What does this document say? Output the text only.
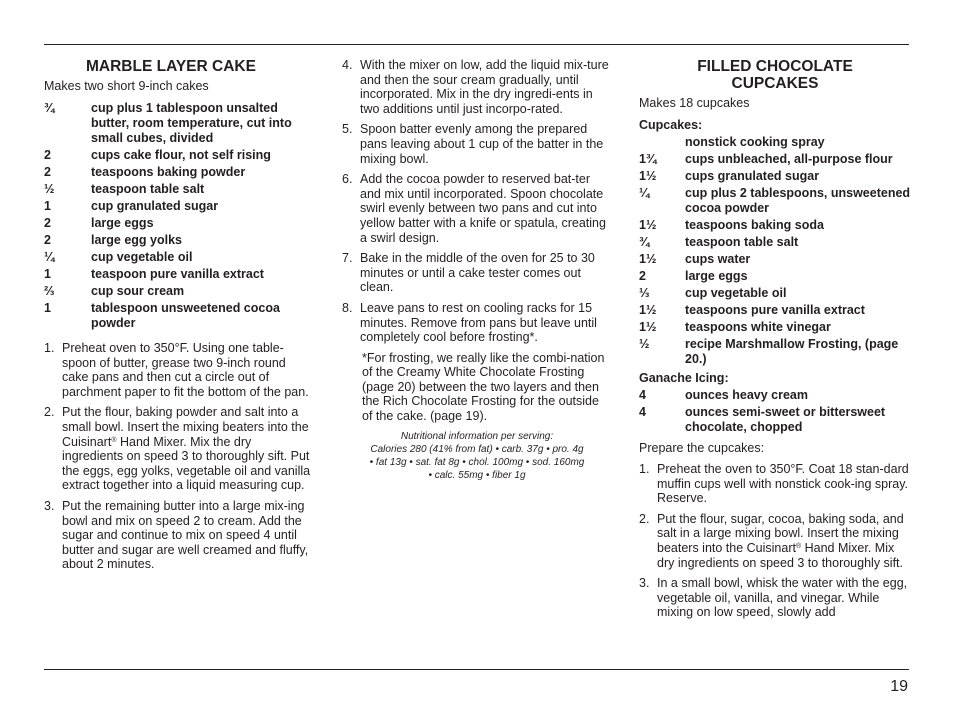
MARBLE LAYER CAKE
Makes two short 9-inch cakes
¾	cup plus 1 tablespoon unsalted butter, room temperature, cut into small cubes, divided
2	cups cake flour, not self rising
2	teaspoons baking powder
½	teaspoon table salt
1	cup granulated sugar
2	large eggs
2	large egg yolks
¼	cup vegetable oil
1	teaspoon pure vanilla extract
⅔	cup sour cream
1	tablespoon unsweetened cocoa powder
1. Preheat oven to 350°F. Using one table-spoon of butter, grease two 9-inch round cake pans and then cut a circle out of parchment paper to fit the bottom of the pan.
2. Put the flour, baking powder and salt into a small bowl. Insert the mixing beaters into the Cuisinart® Hand Mixer. Mix the dry ingredients on speed 3 to thoroughly sift. Put the eggs, egg yolks, vegetable oil and vanilla extract together into a liquid measuring cup.
3. Put the remaining butter into a large mix-ing bowl and mix on speed 2 to cream. Add the sugar and continue to mix on speed 4 until butter and sugar are well creamed and fluffy, about 2 minutes.
4. With the mixer on low, add the liquid mix-ture and then the sour cream gradually, until incorporated. Mix in the dry ingredi-ents in two additions until just incorpo-rated.
5. Spoon batter evenly among the prepared pans leaving about 1 cup of the batter in the mixing bowl.
6. Add the cocoa powder to reserved bat-ter and mix until incorporated. Spoon chocolate swirl evenly between two pans and cut into yellow batter with a knife or spatula, creating a swirl design.
7. Bake in the middle of the oven for 25 to 30 minutes or until a cake tester comes out clean.
8. Leave pans to rest on cooling racks for 15 minutes. Remove from pans but leave until completely cool before frosting*.
*For frosting, we really like the combi-nation of the Creamy White Chocolate Frosting (page 20) between the two layers and then the Rich Chocolate Frosting for the outside of the cake. (page 19).
Nutritional information per serving:
Calories 280 (41% from fat) • carb. 37g • pro. 4g
• fat 13g • sat. fat 8g • chol. 100mg • sod. 160mg
• calc. 55mg • fiber 1g
FILLED CHOCOLATE
CUPCAKES
Makes 18 cupcakes
Cupcakes:
nonstick cooking spray
1¾	cups unbleached, all-purpose flour
1½	cups granulated sugar
¼	cup plus 2 tablespoons, unsweetened cocoa powder
1½	teaspoons baking soda
¾	teaspoon table salt
1½	cups water
2	large eggs
⅓	cup vegetable oil
1½	teaspoons pure vanilla extract
1½	teaspoons white vinegar
½	recipe Marshmallow Frosting, (page 20.)
Ganache Icing:
4	ounces heavy cream
4	ounces semi-sweet or bittersweet chocolate, chopped
Prepare the cupcakes:
1. Preheat the oven to 350°F. Coat 18 stan-dard muffin cups well with nonstick cook-ing spray. Reserve.
2. Put the flour, sugar, cocoa, baking soda, and salt in a large mixing bowl. Insert the mixing beaters into the Cuisinart® Hand Mixer. Mix dry ingredients on speed 3 to thoroughly sift.
3. In a small bowl, whisk the water with the egg, vegetable oil, vanilla, and vinegar. While mixing on low speed, slowly add
19
